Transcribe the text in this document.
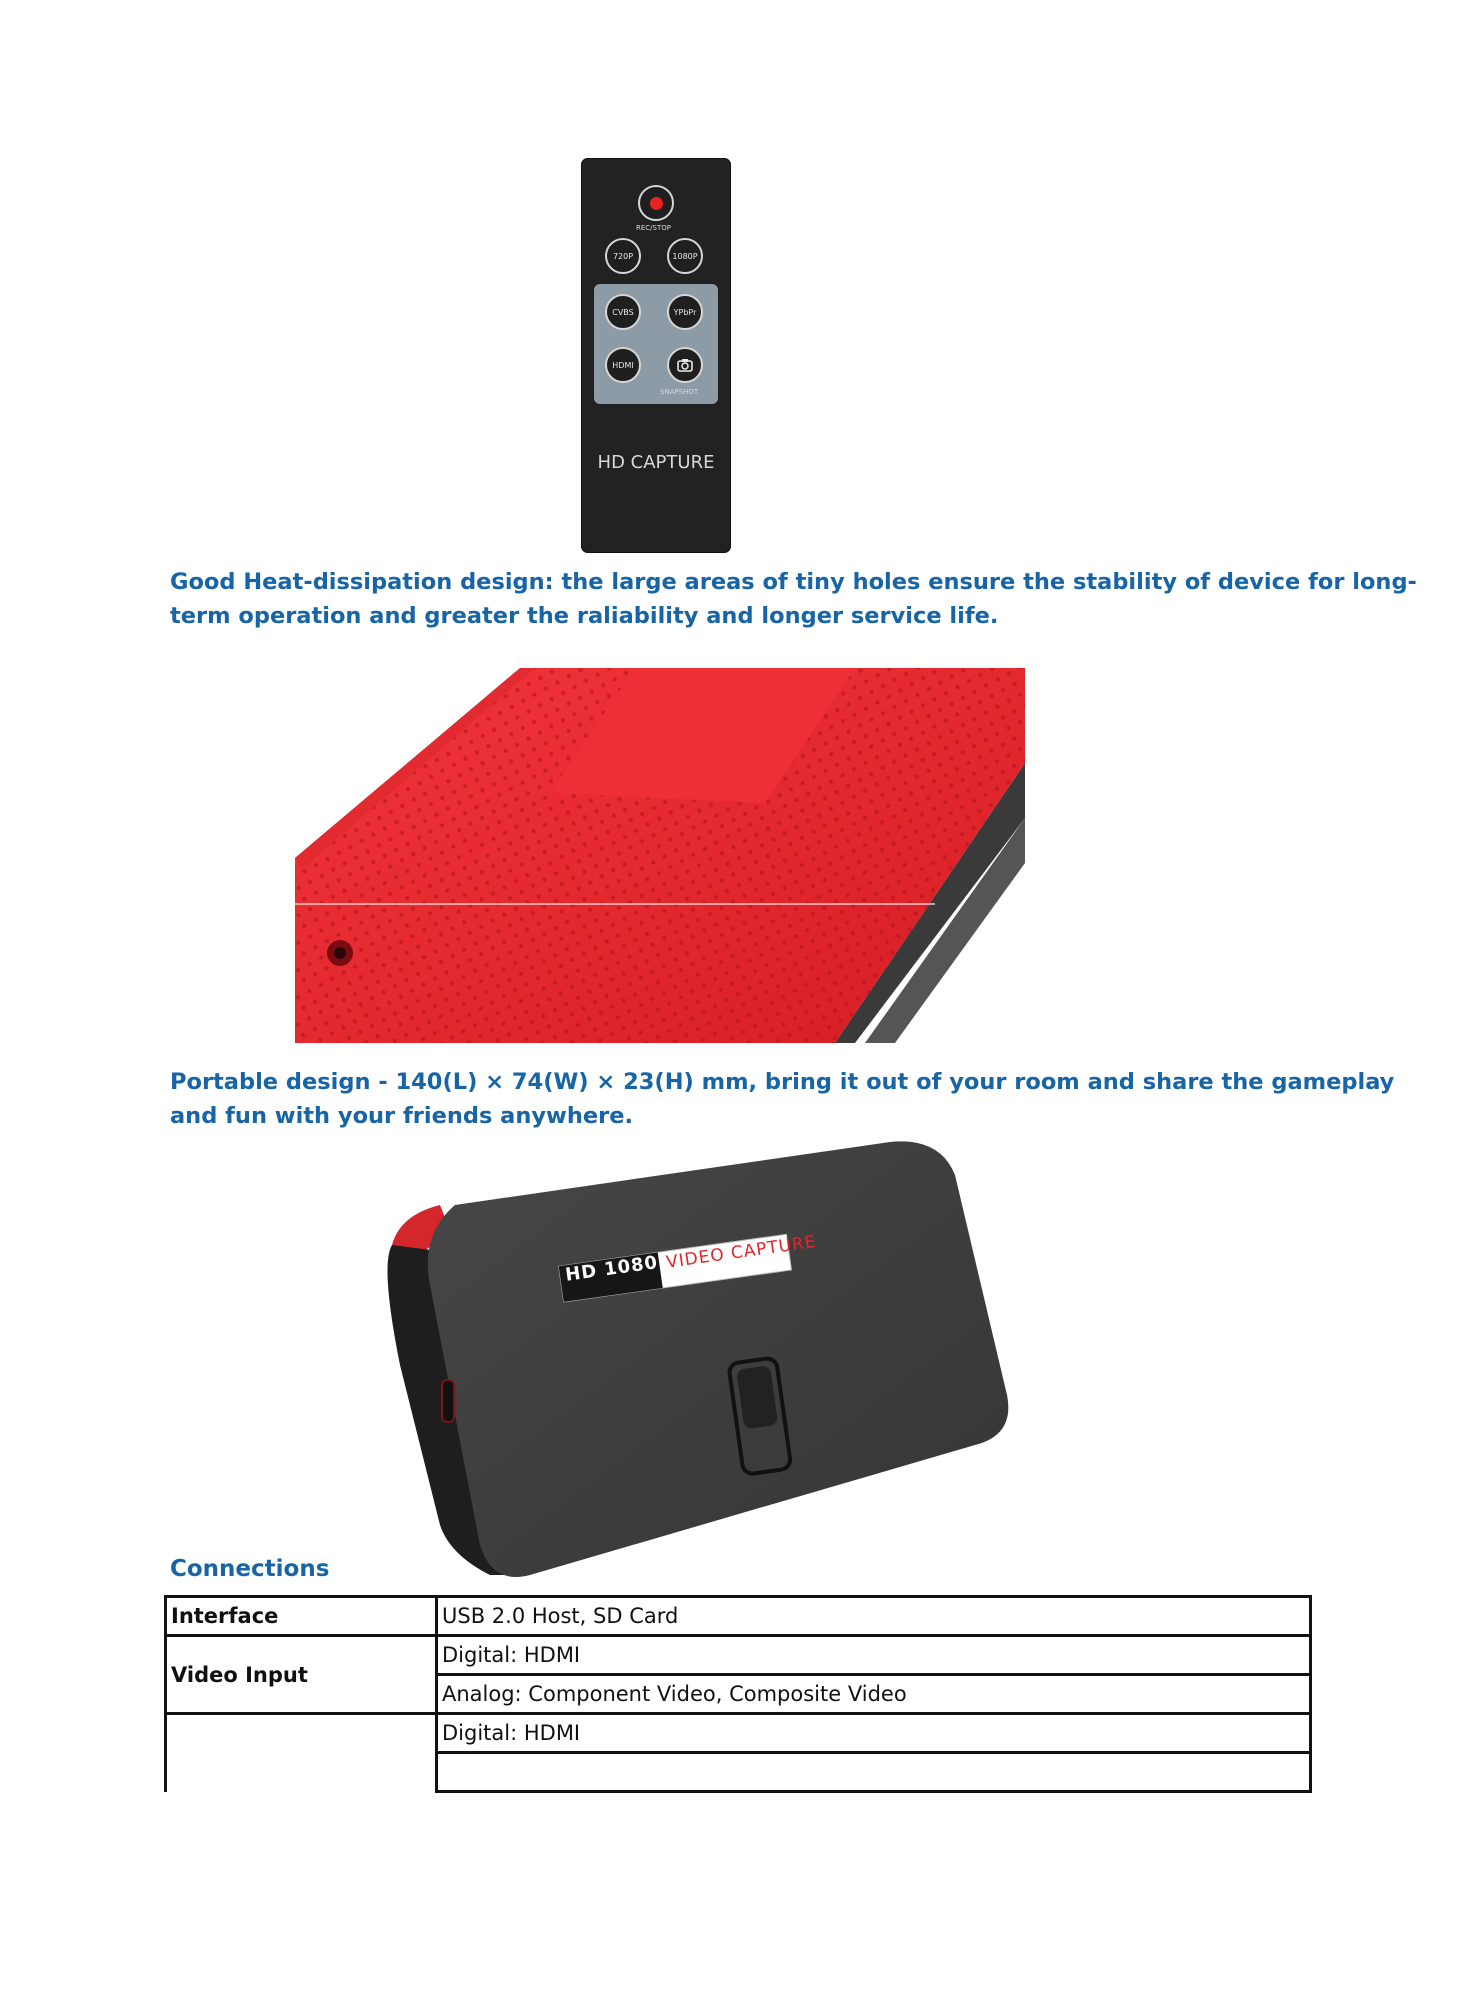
REC/STOP
720P	1080P
CVBS	YPbPr
HDMI
SNAPSHOT
HD CAPTURE
Good Heat-dissipation design: the large areas of tiny holes ensure the stability of device for long-
term operation and greater the raliability and longer service life.
Portable design - 140(L) × 74(W) × 23(H) mm, bring it out of your room and share the gameplay
and fun with your friends anywhere.
HD 1080P
VIDEO CAPTURE
Connections
Interface	USB 2.0 Host, SD Card
Video Input	Digital: HDMI
	Analog: Component Video, Composite Video
	Digital: HDMI
